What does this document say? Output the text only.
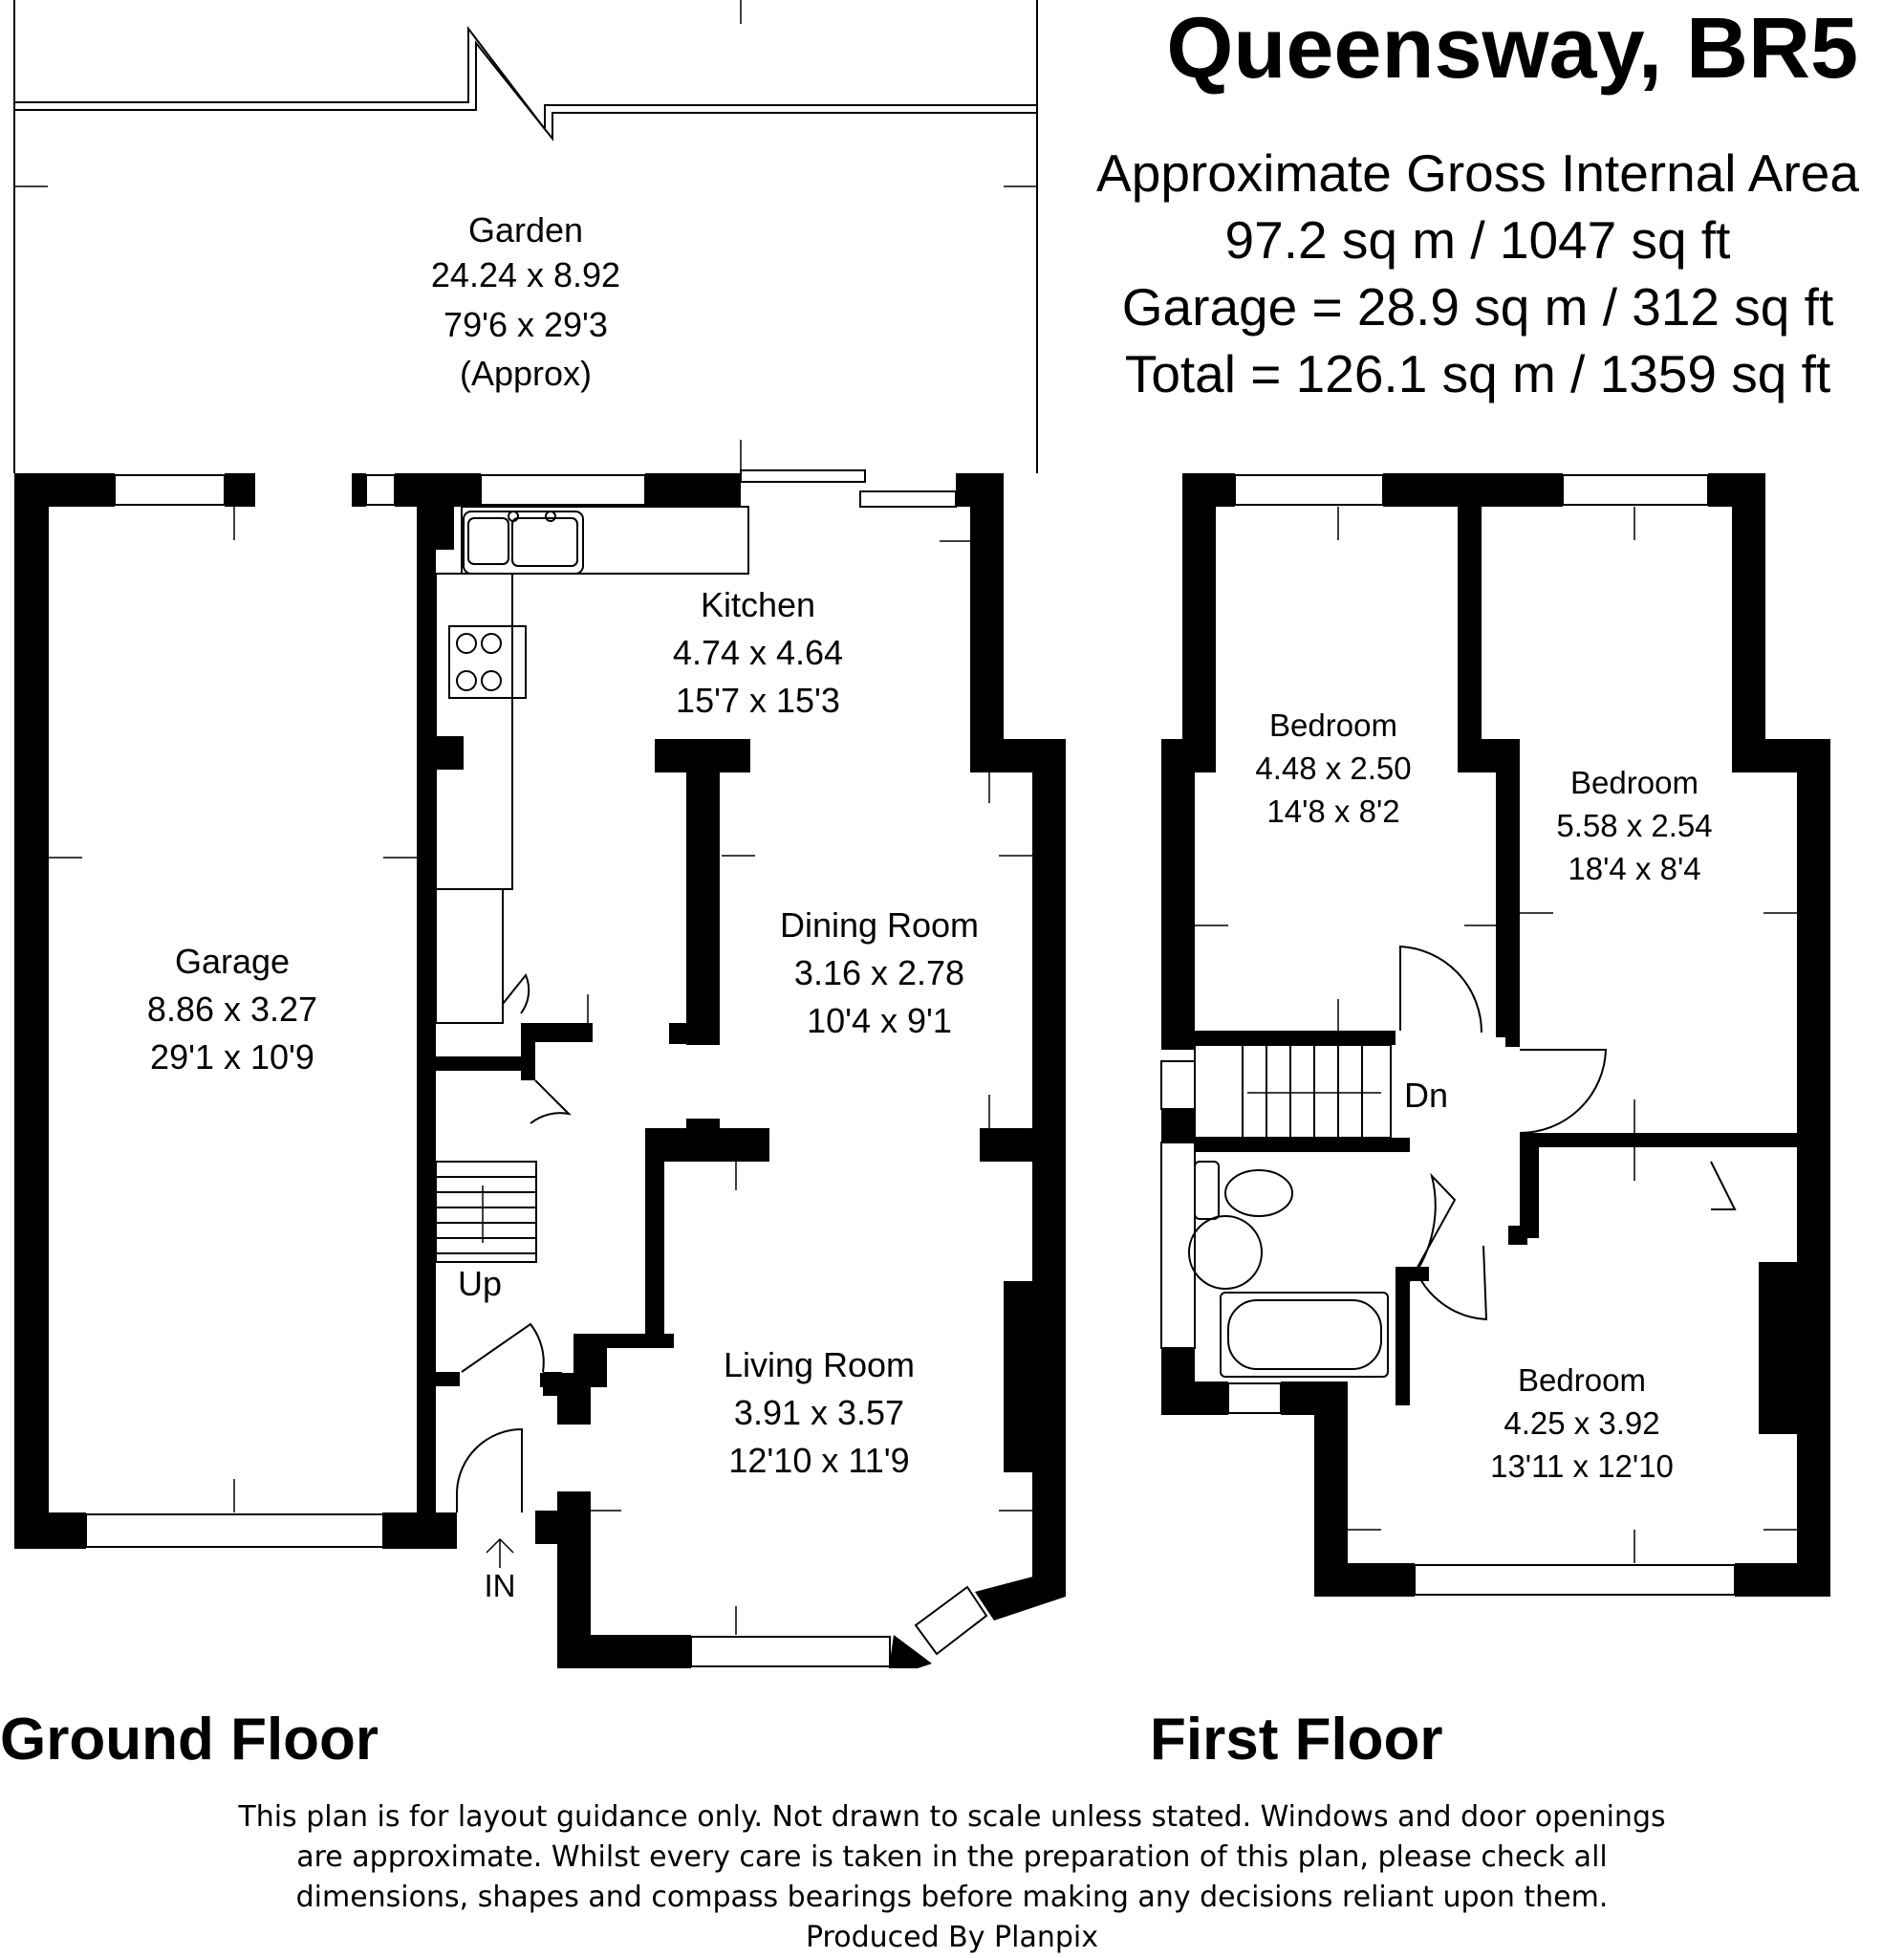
Garden
24.24 x 8.92
79'6 x 29'3
(Approx)
Up
IN
Kitchen
4.74 x 4.64
15'7 x 15'3
Dining Room
3.16 x 2.78
10'4 x 9'1
Garage
8.86 x 3.27
29'1 x 10'9
Living Room
3.91 x 3.57
12'10 x 11'9
Dn
Bedroom
4.48 x 2.50
14'8 x 8'2
Bedroom
5.58 x 2.54
18'4 x 8'4
Bedroom
4.25 x 3.92
13'11 x 12'10
Queensway, BR5
Approximate Gross Internal Area
97.2 sq m / 1047 sq ft
Garage = 28.9 sq m / 312 sq ft
Total = 126.1 sq m / 1359 sq ft
Ground Floor	First Floor
This plan is for layout guidance only. Not drawn to scale unless stated. Windows and door openings
are approximate. Whilst every care is taken in the preparation of this plan, please check all
dimensions, shapes and compass bearings before making any decisions reliant upon them.
Produced By Planpix
